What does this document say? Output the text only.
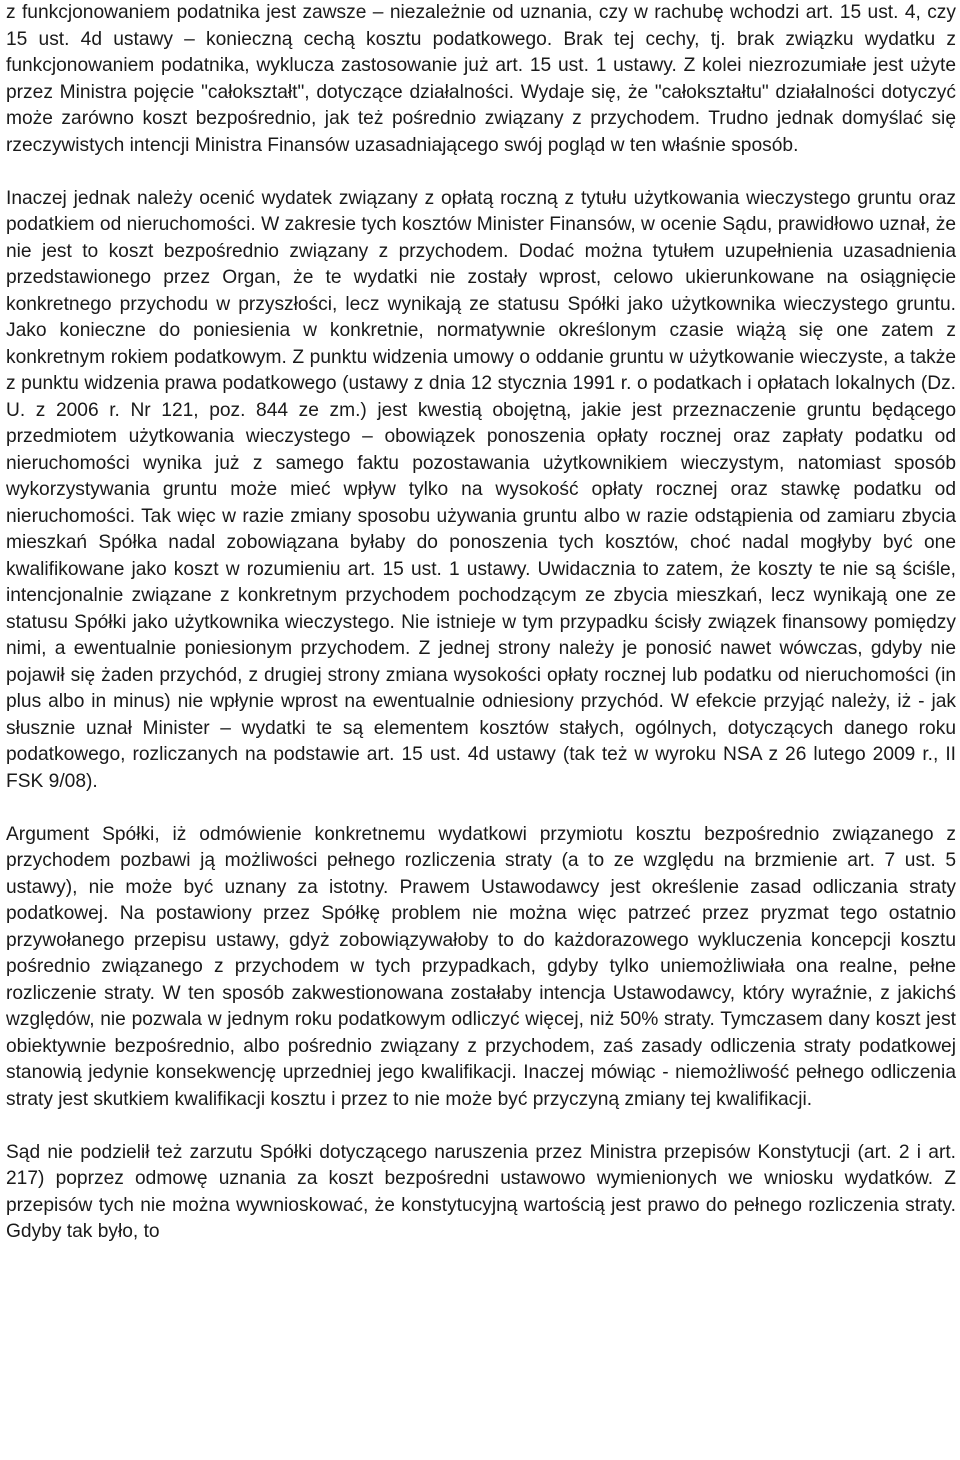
z funkcjonowaniem podatnika jest zawsze – niezależnie od uznania, czy w rachubę wchodzi art. 15 ust. 4, czy 15 ust. 4d ustawy – konieczną cechą kosztu podatkowego. Brak tej cechy, tj. brak związku wydatku z funkcjonowaniem podatnika, wyklucza zastosowanie już art. 15 ust. 1 ustawy. Z kolei niezrozumiałe jest użyte przez Ministra pojęcie "całokształt", dotyczące działalności. Wydaje się, że "całokształtu" działalności dotyczyć może zarówno koszt bezpośrednio, jak też pośrednio związany z przychodem. Trudno jednak domyślać się rzeczywistych intencji Ministra Finansów uzasadniającego swój pogląd w ten właśnie sposób.

Inaczej jednak należy ocenić wydatek związany z opłatą roczną z tytułu użytkowania wieczystego gruntu oraz podatkiem od nieruchomości. W zakresie tych kosztów Minister Finansów, w ocenie Sądu, prawidłowo uznał, że nie jest to koszt bezpośrednio związany z przychodem. Dodać można tytułem uzupełnienia uzasadnienia przedstawionego przez Organ, że te wydatki nie zostały wprost, celowo ukierunkowane na osiągnięcie konkretnego przychodu w przyszłości, lecz wynikają ze statusu Spółki jako użytkownika wieczystego gruntu. Jako konieczne do poniesienia w konkretnie, normatywnie określonym czasie wiążą się one zatem z konkretnym rokiem podatkowym. Z punktu widzenia umowy o oddanie gruntu w użytkowanie wieczyste, a także z punktu widzenia prawa podatkowego (ustawy z dnia 12 stycznia 1991 r. o podatkach i opłatach lokalnych (Dz. U. z 2006 r. Nr 121, poz. 844 ze zm.) jest kwestią obojętną, jakie jest przeznaczenie gruntu będącego przedmiotem użytkowania wieczystego – obowiązek ponoszenia opłaty rocznej oraz zapłaty podatku od nieruchomości wynika już z samego faktu pozostawania użytkownikiem wieczystym, natomiast sposób wykorzystywania gruntu może mieć wpływ tylko na wysokość opłaty rocznej oraz stawkę podatku od nieruchomości. Tak więc w razie zmiany sposobu używania gruntu albo w razie odstąpienia od zamiaru zbycia mieszkań Spółka nadal zobowiązana byłaby do ponoszenia tych kosztów, choć nadal mogłyby być one kwalifikowane jako koszt w rozumieniu art. 15 ust. 1 ustawy. Uwidacznia to zatem, że koszty te nie są ściśle, intencjonalnie związane z konkretnym przychodem pochodzącym ze zbycia mieszkań, lecz wynikają one ze statusu Spółki jako użytkownika wieczystego. Nie istnieje w tym przypadku ścisły związek finansowy pomiędzy nimi, a ewentualnie poniesionym przychodem. Z jednej strony należy je ponosić nawet wówczas, gdyby nie pojawił się żaden przychód, z drugiej strony zmiana wysokości opłaty rocznej lub podatku od nieruchomości (in plus albo in minus) nie wpłynie wprost na ewentualnie odniesiony przychód. W efekcie przyjąć należy, iż - jak słusznie uznał Minister – wydatki te są elementem kosztów stałych, ogólnych, dotyczących danego roku podatkowego, rozliczanych na podstawie art. 15 ust. 4d ustawy (tak też w wyroku NSA z 26 lutego 2009 r., II FSK 9/08).

Argument Spółki, iż odmówienie konkretnemu wydatkowi przymiotu kosztu bezpośrednio związanego z przychodem pozbawi ją możliwości pełnego rozliczenia straty (a to ze względu na brzmienie art. 7 ust. 5 ustawy), nie może być uznany za istotny. Prawem Ustawodawcy jest określenie zasad odliczania straty podatkowej. Na postawiony przez Spółkę problem nie można więc patrzeć przez pryzmat tego ostatnio przywołanego przepisu ustawy, gdyż zobowiązywałoby to do każdorazowego wykluczenia koncepcji kosztu pośrednio związanego z przychodem w tych przypadkach, gdyby tylko uniemożliwiała ona realne, pełne rozliczenie straty. W ten sposób zakwestionowana zostałaby intencja Ustawodawcy, który wyraźnie, z jakichś względów, nie pozwala w jednym roku podatkowym odliczyć więcej, niż 50% straty. Tymczasem dany koszt jest obiektywnie bezpośrednio, albo pośrednio związany z przychodem, zaś zasady odliczenia straty podatkowej stanowią jedynie konsekwencję uprzedniej jego kwalifikacji. Inaczej mówiąc - niemożliwość pełnego odliczenia straty jest skutkiem kwalifikacji kosztu i przez to nie może być przyczyną zmiany tej kwalifikacji.

Sąd nie podzielił też zarzutu Spółki dotyczącego naruszenia przez Ministra przepisów Konstytucji (art. 2 i art. 217) poprzez odmowę uznania za koszt bezpośredni ustawowo wymienionych we wniosku wydatków. Z przepisów tych nie można wywnioskować, że konstytucyjną wartością jest prawo do pełnego rozliczenia straty. Gdyby tak było, to
